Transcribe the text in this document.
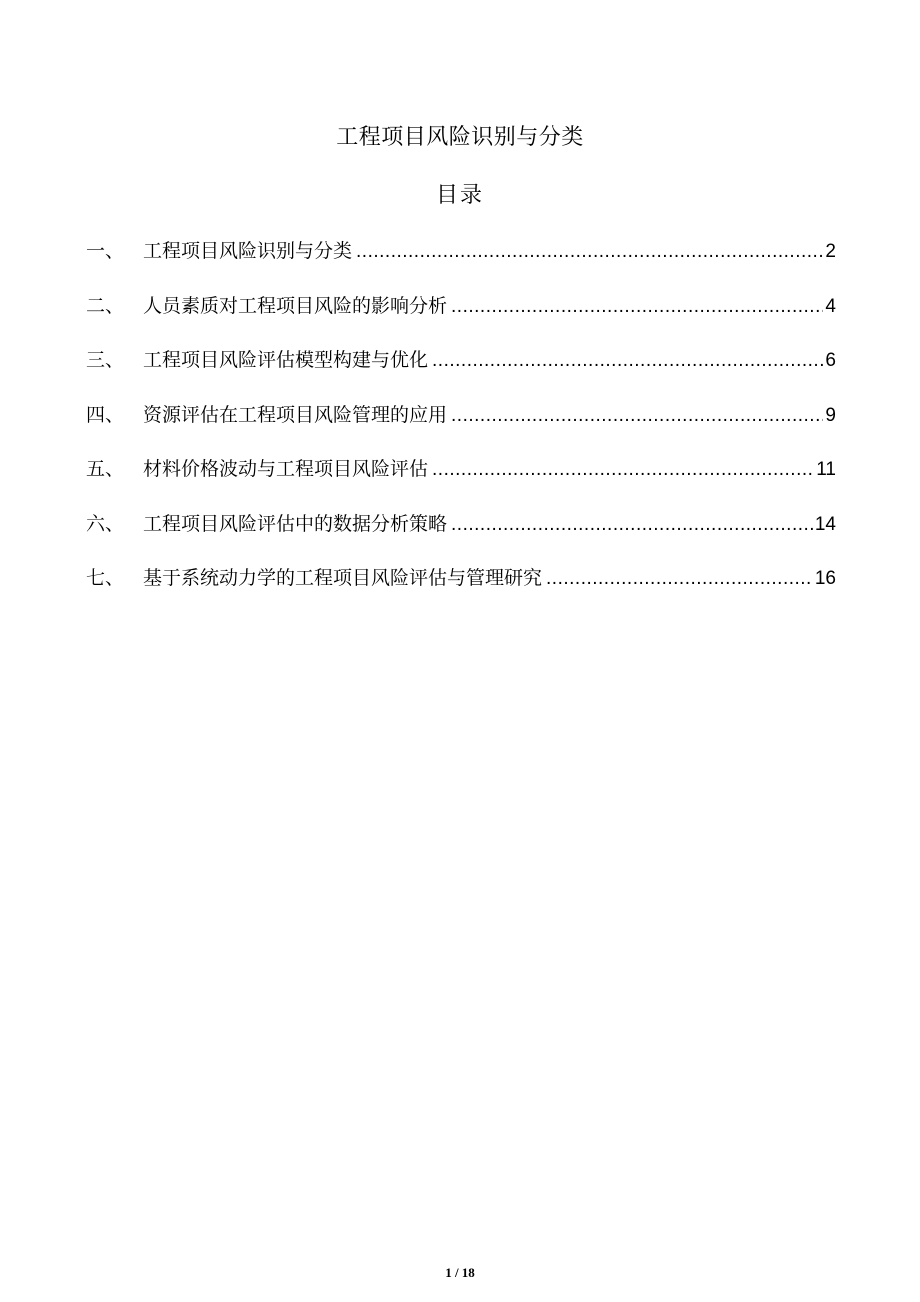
工程项目风险识别与分类
目录
一、 工程项目风险识别与分类 .....	2
二、 人员素质对工程项目风险的影响分析 .....	4
三、 工程项目风险评估模型构建与优化 .....	6
四、 资源评估在工程项目风险管理的应用 .....	9
五、 材料价格波动与工程项目风险评估 .....	11
六、 工程项目风险评估中的数据分析策略 .....	14
七、 基于系统动力学的工程项目风险评估与管理研究 .....	16
1 / 18
